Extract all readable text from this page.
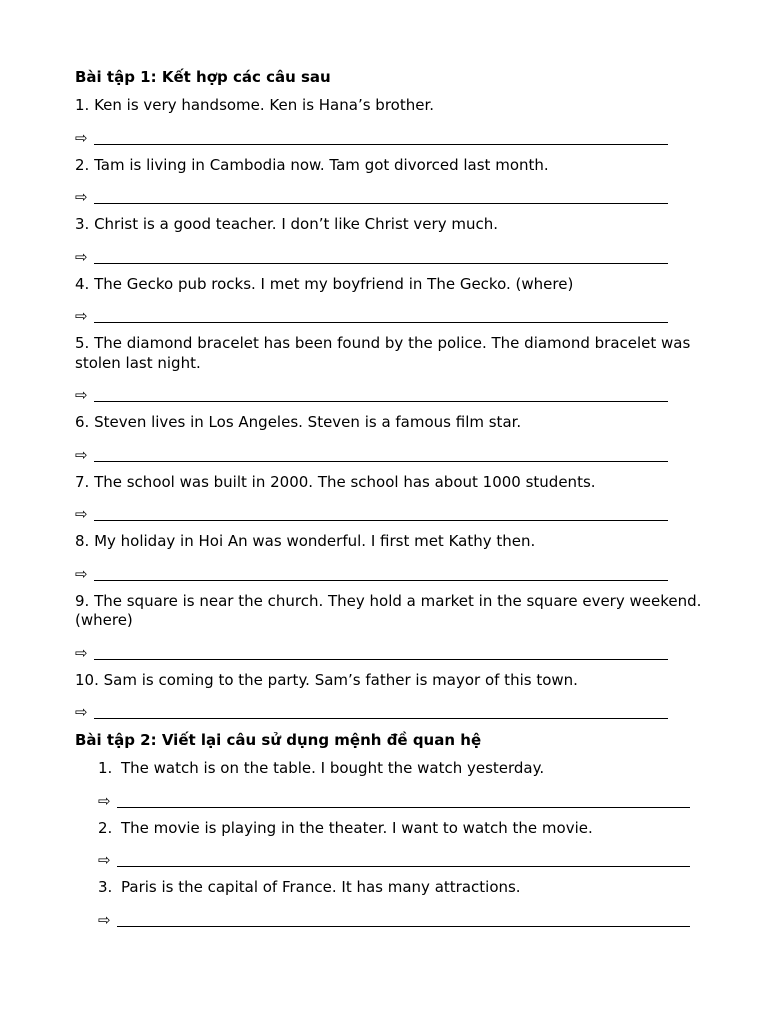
Bài tập 1: Kết hợp các câu sau

1. Ken is very handsome. Ken is Hana’s brother.

⇨

2. Tam is living in Cambodia now. Tam got divorced last month.

⇨

3. Christ is a good teacher. I don’t like Christ very much.

⇨

4. The Gecko pub rocks. I met my boyfriend in The Gecko. (where)

⇨

5. The diamond bracelet has been found by the police. The diamond bracelet was stolen last night.

⇨

6. Steven lives in Los Angeles. Steven is a famous film star.

⇨

7. The school was built in 2000. The school has about 1000 students.

⇨

8. My holiday in Hoi An was wonderful. I first met Kathy then.

⇨

9. The square is near the church. They hold a market in the square every weekend. (where)

⇨

10. Sam is coming to the party. Sam’s father is mayor of this town.

⇨

Bài tập 2: Viết lại câu sử dụng mệnh đề quan hệ

1. The watch is on the table. I bought the watch yesterday.

⇨

2. The movie is playing in the theater. I want to watch the movie.

⇨

3. Paris is the capital of France. It has many attractions.

⇨
